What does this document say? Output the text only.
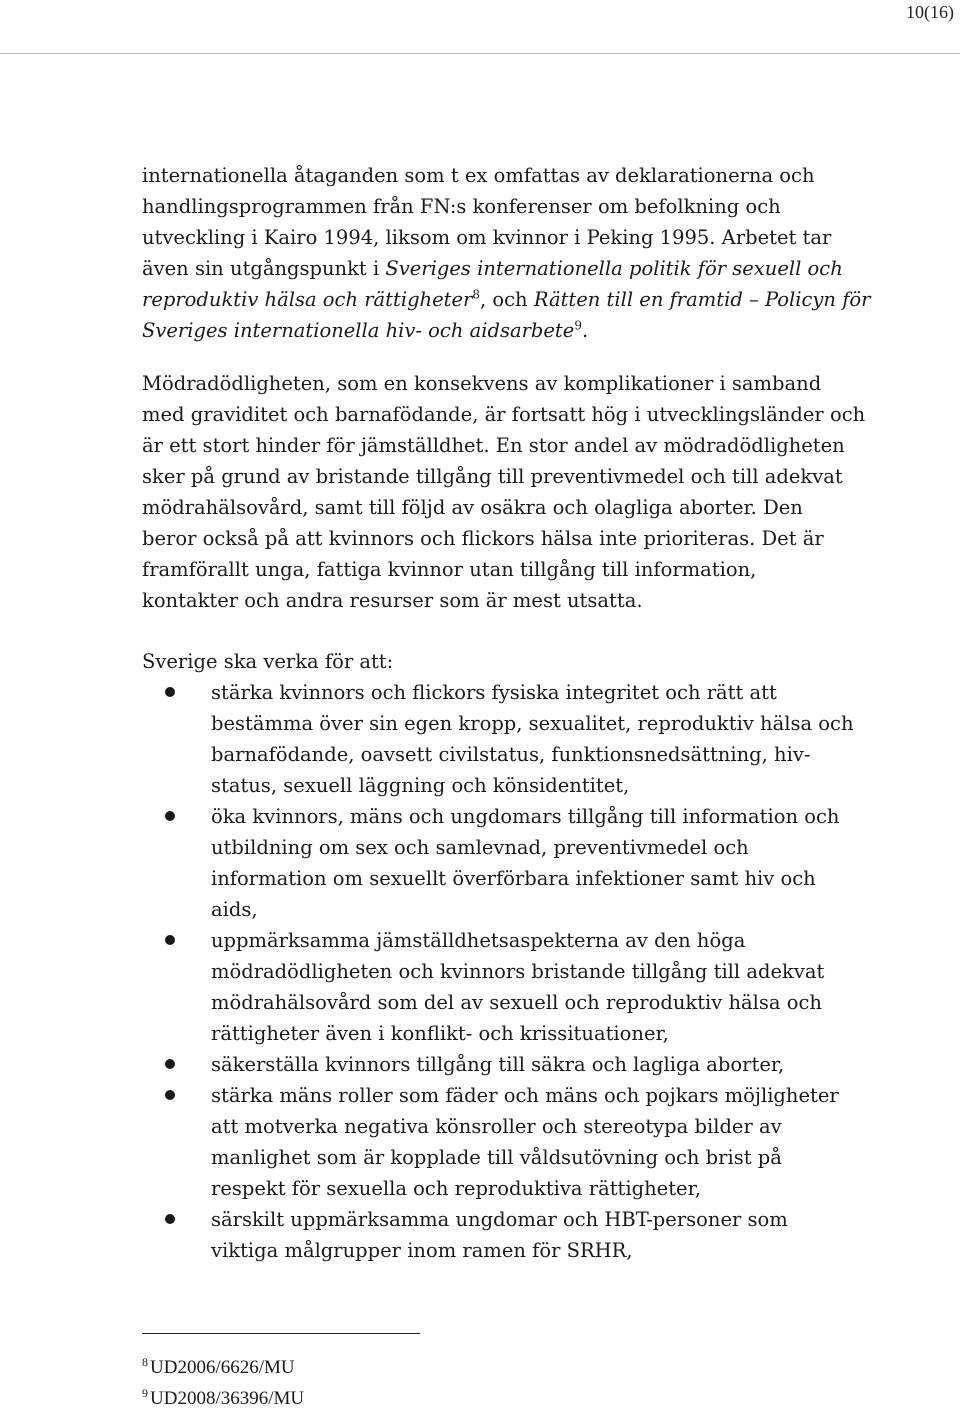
10(16)

internationella åtaganden som t ex omfattas av deklarationerna och
handlingsprogrammen från FN:s konferenser om befolkning och
utveckling i Kairo 1994, liksom om kvinnor i Peking 1995. Arbetet tar
även sin utgångspunkt i Sveriges internationella politik för sexuell och
reproduktiv hälsa och rättigheter$^8$, och Rätten till en framtid – Policyn för
Sveriges internationella hiv- och aidsarbete$^9$.

Mödradödligheten, som en konsekvens av komplikationer i samband
med graviditet och barnafödande, är fortsatt hög i utvecklingsländer och
är ett stort hinder för jämställdhet. En stor andel av mödradödligheten
sker på grund av bristande tillgång till preventivmedel och till adekvat
mödrahälsovård, samt till följd av osäkra och olagliga aborter. Den
beror också på att kvinnors och flickors hälsa inte prioriteras. Det är
framförallt unga, fattiga kvinnor utan tillgång till information,
kontakter och andra resurser som är mest utsatta.

Sverige ska verka för att:

stärka kvinnors och flickors fysiska integritet och rätt att
bestämma över sin egen kropp, sexualitet, reproduktiv hälsa och
barnafödande, oavsett civilstatus, funktionsnedsättning, hiv-
status, sexuell läggning och könsidentitet,
öka kvinnors, mäns och ungdomars tillgång till information och
utbildning om sex och samlevnad, preventivmedel och
information om sexuellt överförbara infektioner samt hiv och
aids,
uppmärksamma jämställdhetsaspekterna av den höga
mödradödligheten och kvinnors bristande tillgång till adekvat
mödrahälsovård som del av sexuell och reproduktiv hälsa och
rättigheter även i konflikt- och krissituationer,
säkerställa kvinnors tillgång till säkra och lagliga aborter,
stärka mäns roller som fäder och mäns och pojkars möjligheter
att motverka negativa könsroller och stereotypa bilder av
manlighet som är kopplade till våldsutövning och brist på
respekt för sexuella och reproduktiva rättigheter,
särskilt uppmärksamma ungdomar och HBT-personer som
viktiga målgrupper inom ramen för SRHR,
$^8$ UD2006/6626/MU
$^9$ UD2008/36396/MU
